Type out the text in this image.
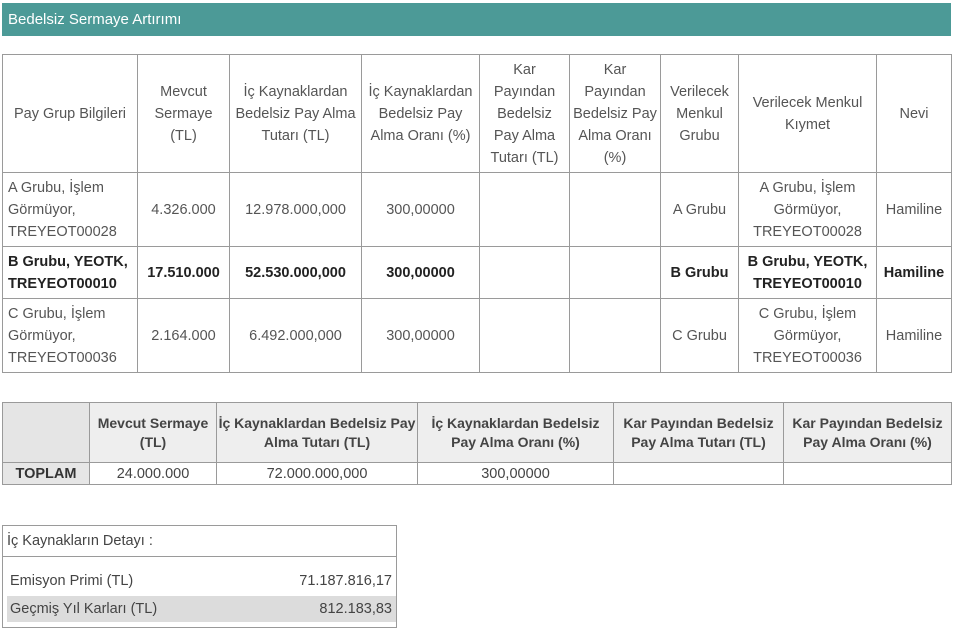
Bedelsiz Sermaye Artırımı
Pay Grup Bilgileri	Mevcut Sermaye (TL)	İç Kaynaklardan Bedelsiz Pay Alma Tutarı (TL)	İç Kaynaklardan Bedelsiz Pay Alma Oranı (%)	Kar Payından Bedelsiz Pay Alma Tutarı (TL)	Kar Payından Bedelsiz Pay Alma Oranı (%)	Verilecek Menkul Grubu	Verilecek Menkul Kıymet	Nevi
A Grubu, İşlem Görmüyor, TREYEOT00028	4.326.000	12.978.000,000	300,00000			A Grubu	A Grubu, İşlem Görmüyor, TREYEOT00028	Hamiline
B Grubu, YEOTK, TREYEOT00010	17.510.000	52.530.000,000	300,00000			B Grubu	B Grubu, YEOTK, TREYEOT00010	Hamiline
C Grubu, İşlem Görmüyor, TREYEOT00036	2.164.000	6.492.000,000	300,00000			C Grubu	C Grubu, İşlem Görmüyor, TREYEOT00036	Hamiline
	Mevcut Sermaye (TL)	İç Kaynaklardan Bedelsiz Pay Alma Tutarı (TL)	İç Kaynaklardan Bedelsiz Pay Alma Oranı (%)	Kar Payından Bedelsiz Pay Alma Tutarı (TL)	Kar Payından Bedelsiz Pay Alma Oranı (%)
TOPLAM	24.000.000	72.000.000,000	300,00000		
İç Kaynakların Detayı :
Emisyon Primi (TL)	71.187.816,17
Geçmiş Yıl Karları (TL)	812.183,83
